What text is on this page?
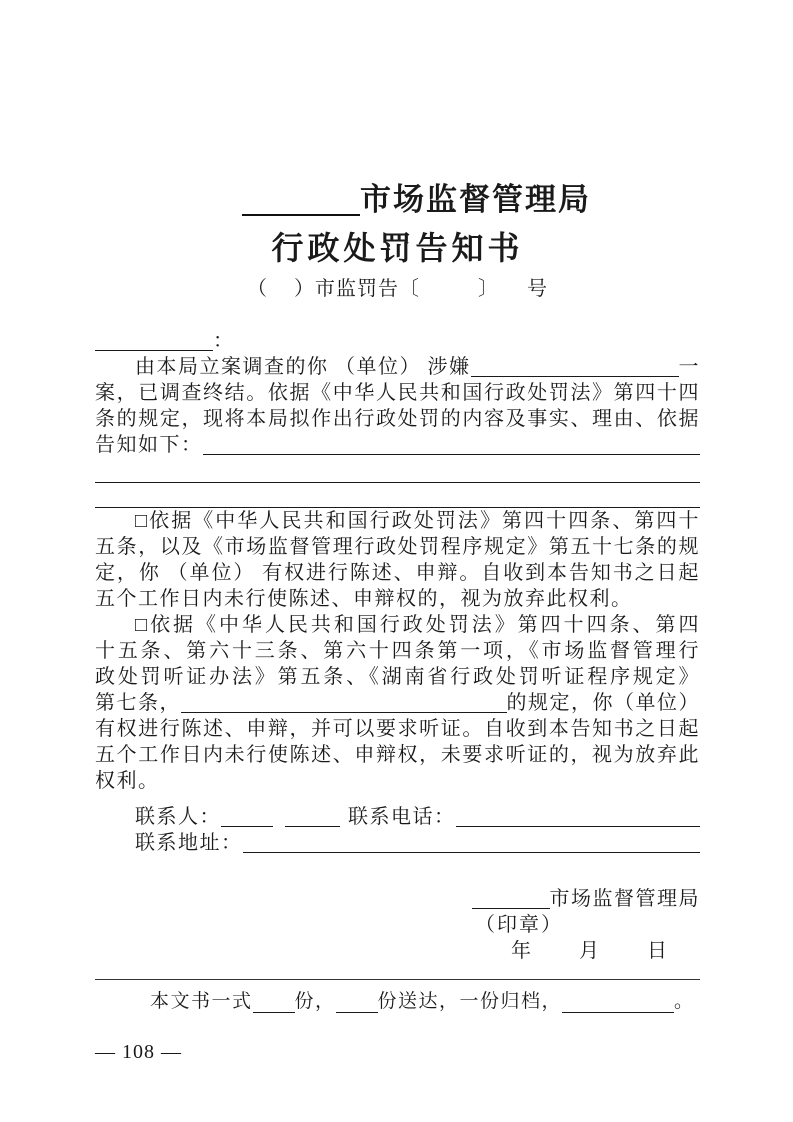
市场监督管理局
行政处罚告知书
（ ）市监罚告〔	〕 号
：
由本局立案调查的你 （单位） 涉嫌	一
案，已调查终结。依据《中华人民共和国行政处罚法》第四十四
条的规定，现将本局拟作出行政处罚的内容及事实、理由、依据
告知如下：
□依据《中华人民共和国行政处罚法》第四十四条、第四十
五条，以及《市场监督管理行政处罚程序规定》第五十七条的规
定，你 （单位） 有权进行陈述、申辩。自收到本告知书之日起
五个工作日内未行使陈述、申辩权的，视为放弃此权利。
□依据《中华人民共和国行政处罚法》第四十四条、第四
十五条、第六十三条、第六十四条第一项，《市场监督管理行
政处罚听证办法》第五条、《湖南省行政处罚听证程序规定》
第七条，	的规定，你（单位）
有权进行陈述、申辩，并可以要求听证。自收到本告知书之日起
五个工作日内未行使陈述、申辩权，未要求听证的，视为放弃此
权利。
联系人：	联系电话：
联系地址：
市场监督管理局
（印章）
年 月 日
本文书一式 份， 份送达，一份归档，	。
— 108 —
